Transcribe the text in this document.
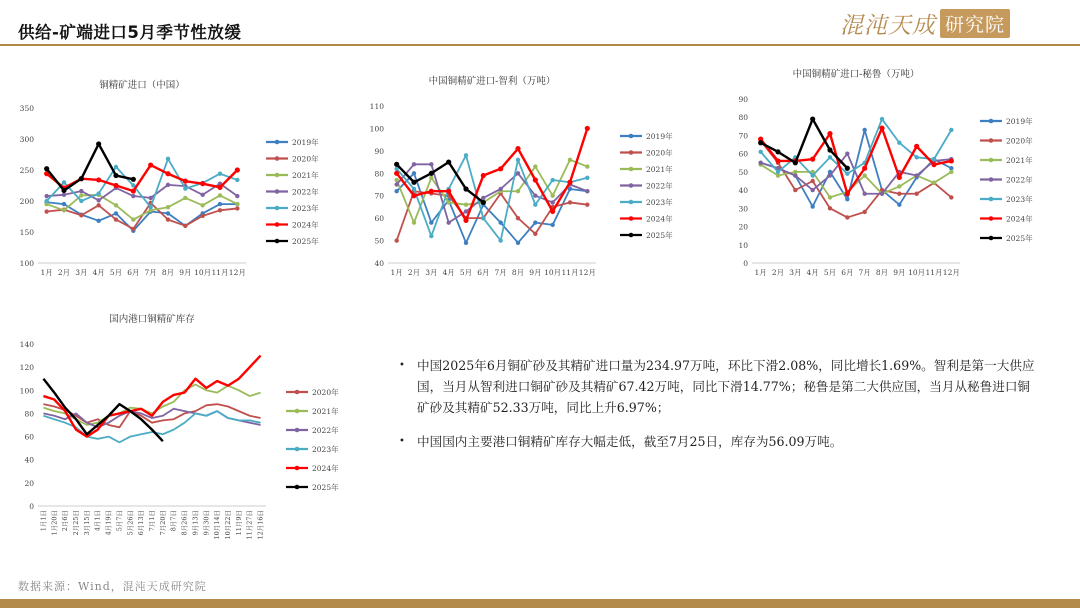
供给-矿端进口5月季节性放缓	混沌天成 研究院
铜精矿进口（中国）
100
150
200
250
300
350
1月 2月 3月 4月 5月 6月 7月 8月 9月 10月 11月 12月
2019年
2020年
2021年
2022年
2023年
2024年
2025年
中国铜精矿进口-智利（万吨）
40
50
60
70
80
90
100
110
1月 2月 3月 4月 5月 6月 7月 8月 9月 10月 11月 12月
2019年
2020年
2021年
2022年
2023年
2024年
2025年
中国铜精矿进口-秘鲁（万吨）
0
10
20
30
40
50
60
70
80
90
1月 2月 3月 4月 5月 6月 7月 8月 9月 10月 11月 12月
2019年
2020年
2021年
2022年
2023年
2024年
2025年
国内港口铜精矿库存
0
20
40
60
80
100
120
140
1月1日 1月20日 2月6日 2月25日 3月15日 4月1日 4月19日 5月7日 5月26日 6月13日 7月1日 7月20日 8月7日 8月26日 9月13日 9月30日 10月14日 10月22日 11月9日 11月27日 12月16日
2020年
2021年
2022年
2023年
2024年
2025年
• 中国2025年6月铜矿砂及其精矿进口量为234.97万吨，环比下滑2.08%，同比增长1.69%。智利是第一大供应国，当月从智利进口铜矿砂及其精矿67.42万吨，同比下滑14.77%；秘鲁是第二大供应国，当月从秘鲁进口铜矿砂及其精矿52.33万吨，同比上升6.97%；
• 中国国内主要港口铜精矿库存大幅走低，截至7月25日，库存为56.09万吨。
数据来源：Wind，混沌天成研究院
